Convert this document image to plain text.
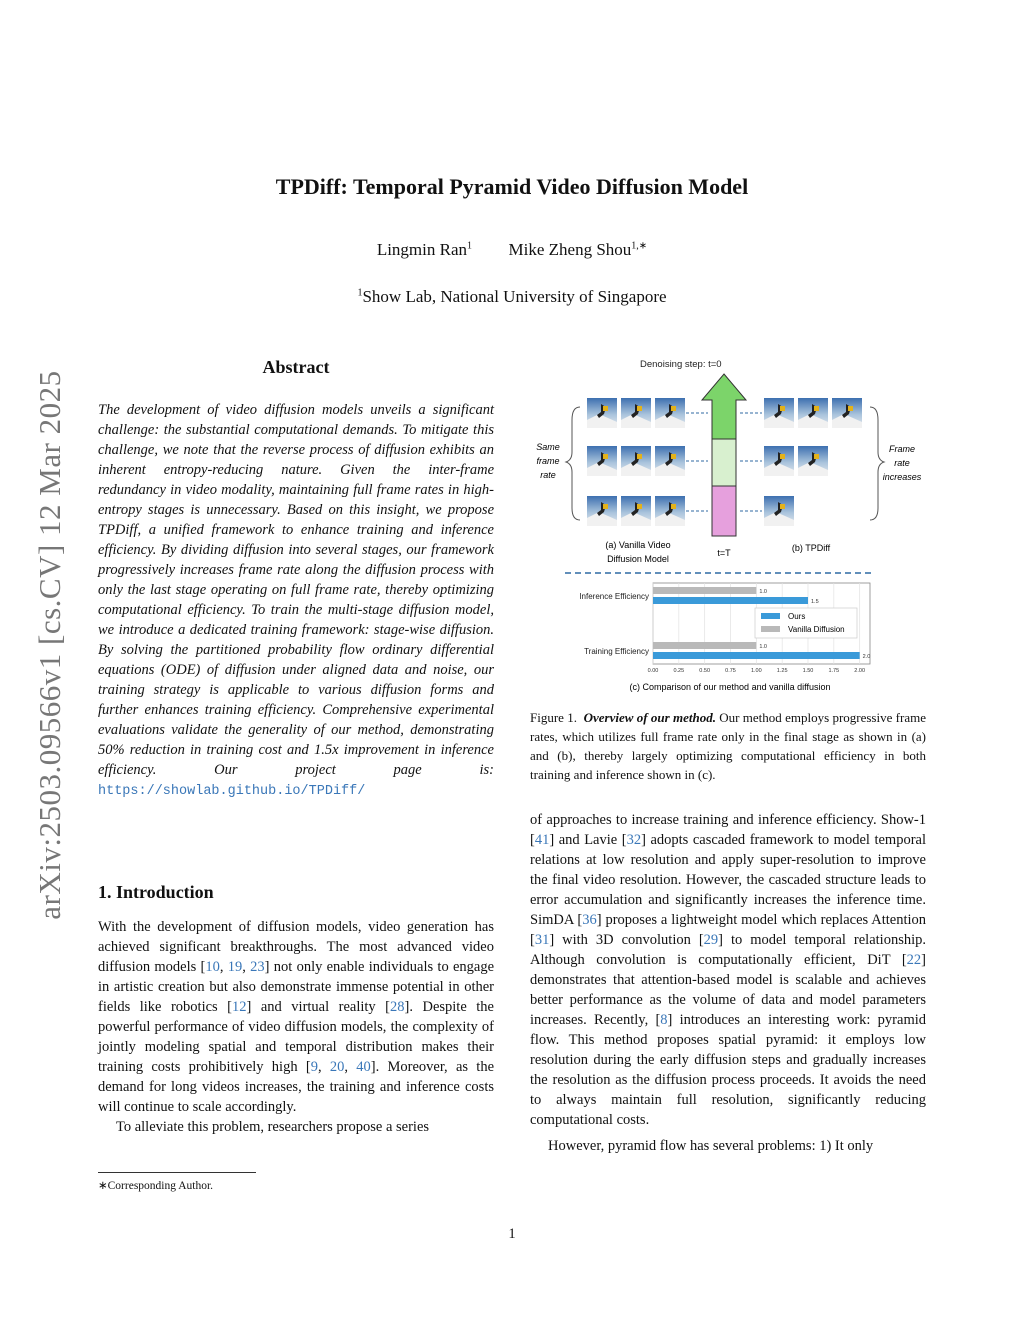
TPDiff: Temporal Pyramid Video Diffusion Model
Lingmin Ran$^1$ Mike Zheng Shou$^{1,∗}$
$^1$Show Lab, National University of Singapore
arXiv:2503.09566v1 [cs.CV] 12 Mar 2025
Abstract
The development of video diffusion models unveils a significant challenge: the substantial computational demands. To mitigate this challenge, we note that the reverse process of diffusion exhibits an inherent entropy-reducing nature. Given the inter-frame redundancy in video modality, maintaining full frame rates in high-entropy stages is unnecessary. Based on this insight, we propose TPDiff, a unified framework to enhance training and inference efficiency. By dividing diffusion into several stages, our framework progressively increases frame rate along the diffusion process with only the last stage operating on full frame rate, thereby optimizing computational efficiency. To train the multi-stage diffusion model, we introduce a dedicated training framework: stage-wise diffusion. By solving the partitioned probability flow ordinary differential equations (ODE) of diffusion under aligned data and noise, our training strategy is applicable to various diffusion forms and further enhances training efficiency. Comprehensive experimental evaluations validate the generality of our method, demonstrating 50% reduction in training cost and 1.5x improvement in inference efficiency. Our project page is: https://showlab.github.io/TPDiff/
1. Introduction

With the development of diffusion models, video generation has achieved significant breakthroughs. The most advanced video diffusion models [10, 19, 23] not only enable individuals to engage in artistic creation but also demonstrate immense potential in other fields like robotics [12] and virtual reality [28]. Despite the powerful performance of video diffusion models, the complexity of jointly modeling spatial and temporal distribution makes their training costs prohibitively high [9, 20, 40]. Moreover, as the demand for long videos increases, the training and inference costs will continue to scale accordingly.

To alleviate this problem, researchers propose a series

∗Corresponding Author.

of approaches to increase training and inference efficiency. Show-1 [41] and Lavie [32] adopts cascaded framework to model temporal relations at low resolution and apply super-resolution to improve the final video resolution. However, the cascaded structure leads to error accumulation and significantly increases the inference time. SimDA [36] proposes a lightweight model which replaces Attention [31] with 3D convolution [29] to model temporal relationship. Although convolution is computationally efficient, DiT [22] demonstrates that attention-based model is scalable and achieves better performance as the volume of data and model parameters increases. Recently, [8] introduces an interesting work: pyramid flow. This method proposes spatial pyramid: it employs low resolution during the early diffusion steps and gradually increases the resolution as the diffusion process proceeds. It avoids the need to always maintain full resolution, significantly reducing computational costs.

However, pyramid flow has several problems: 1) It only

Figure 1. Overview of our method. Our method employs progressive frame rates, which utilizes full frame rate only in the final stage as shown in (a) and (b), thereby largely optimizing computational efficiency in both training and inference shown in (c).
1
Denoising step: t=0
Same
frame
rate
Frame
rate
increases
(a) Vanilla Video
Diffusion Model
t=T	(b) TPDiff
1.0
1.5
1.0
2.0
0.00	0.25	0.50	0.75	1.00	1.25	1.50	1.75	2.00
Inference Efficiency
Training Efficiency
Ours
Vanilla Diffusion
(c) Comparison of our method and vanilla diffusion
